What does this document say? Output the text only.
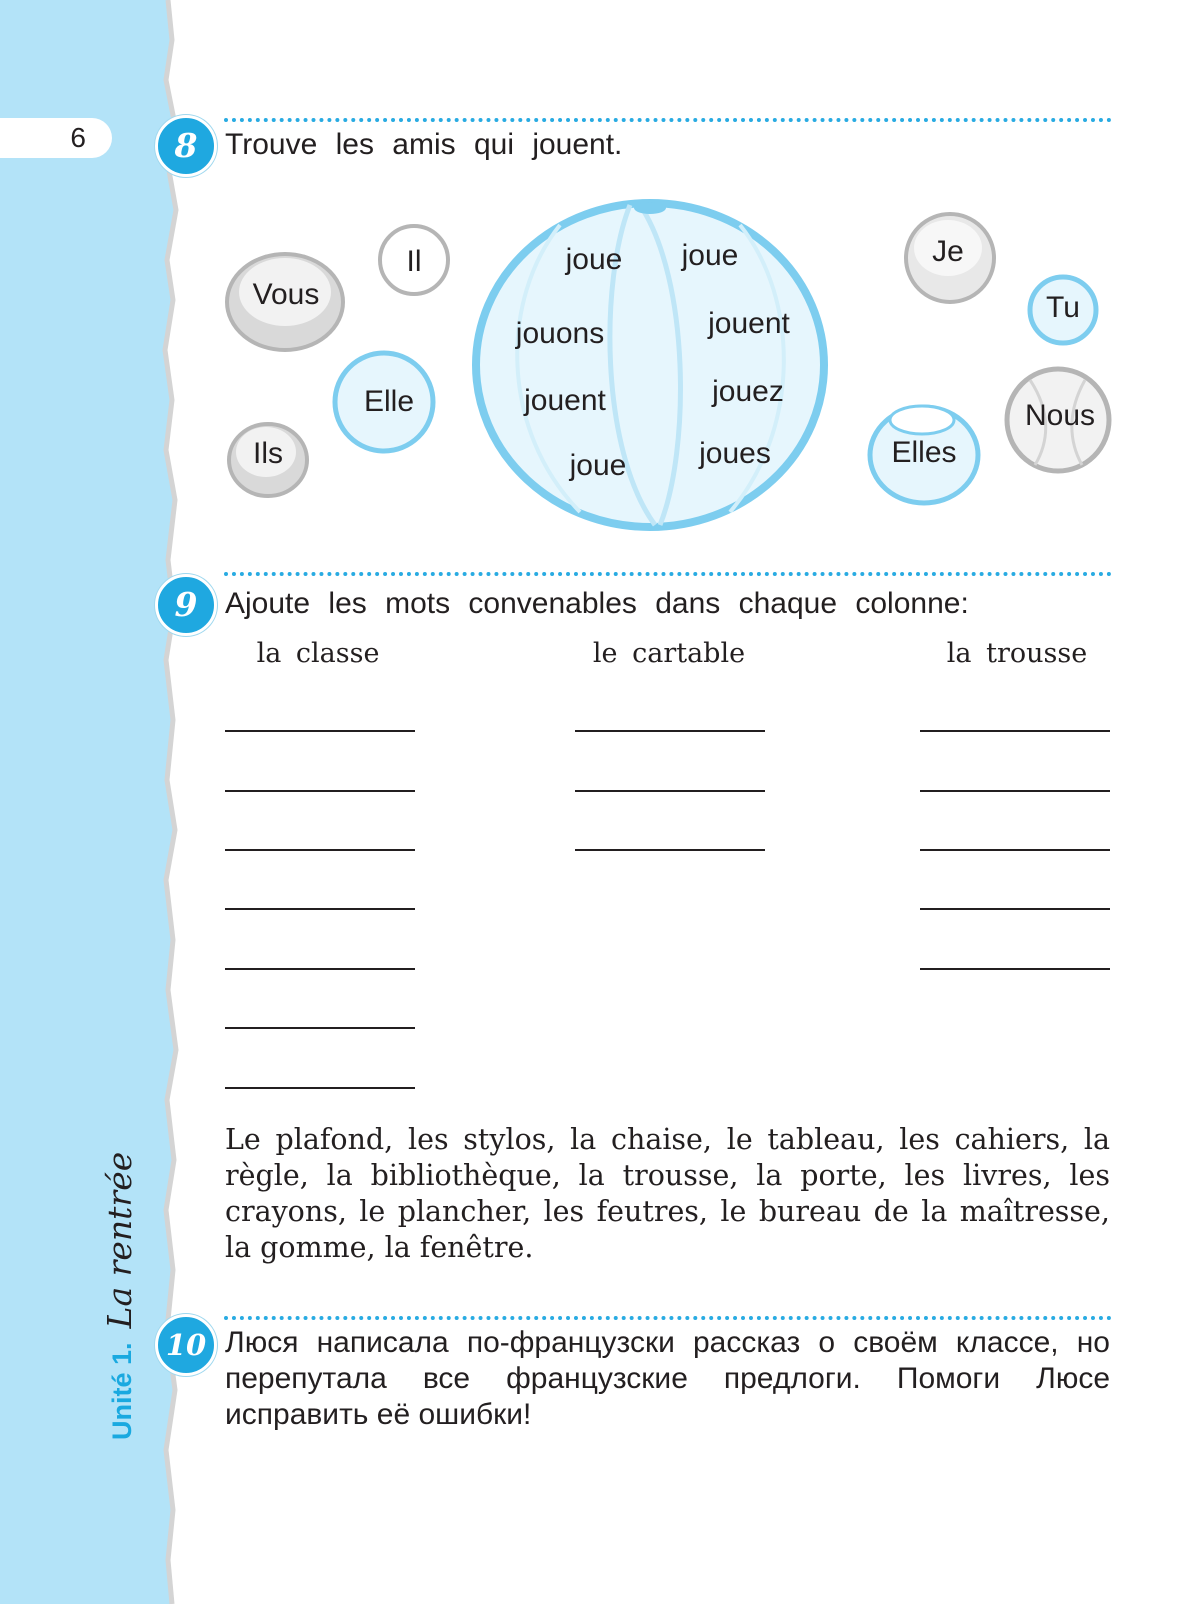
6
Unité 1.La rentrée
8 Trouve les amis qui jouent.
Vous
Il
Elle
Ils
Je
Tu
Nous
Elles
joue joue
jouons	jouent
jouent	jouez
joue joues
9 Ajoute les mots convenables dans chaque colonne:
la classe	le cartable	la trousse
Le plafond, les stylos, la chaise, le tableau, les cahiers, la règle, la bibliothèque, la trousse, la porte, les livres, les crayons, le plancher, les feutres, le bureau de la maîtresse, la gomme, la fenêtre.
10 Люся написала по-французски рассказ о своём классе, но перепутала все французские предлоги. Помоги Люсе исправить её ошибки!
